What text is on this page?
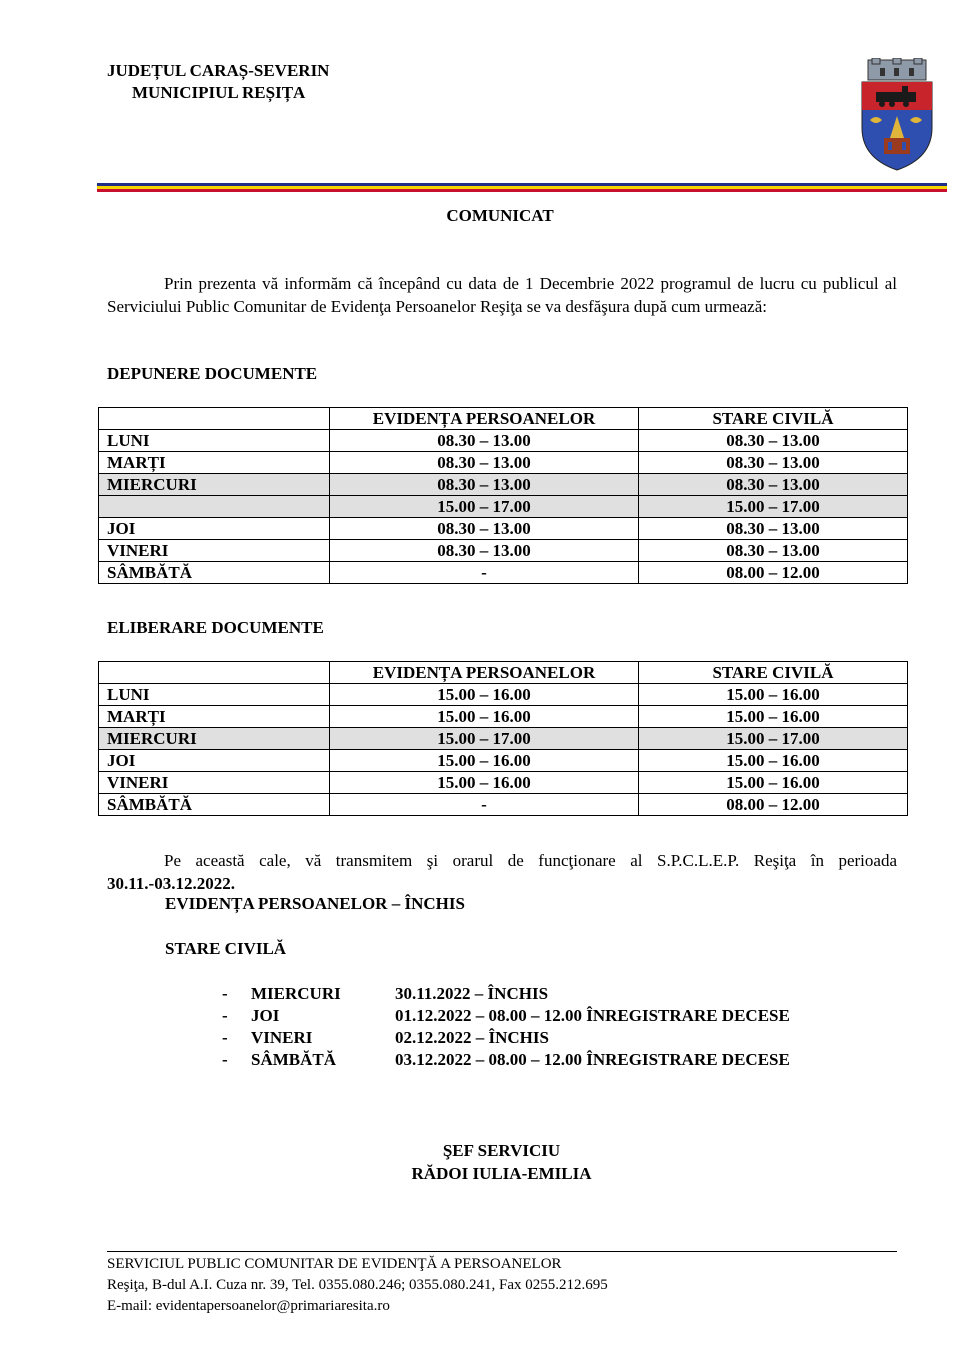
JUDEȚUL CARAȘ-SEVERIN
MUNICIPIUL REȘIȚA
COMUNICAT
Prin prezenta vă informăm că începând cu data de 1 Decembrie 2022 programul de lucru cu publicul al Serviciului Public Comunitar de Evidenţa Persoanelor Reşiţa se va desfăşura după cum urmează:
DEPUNERE DOCUMENTE
	EVIDENȚA PERSOANELOR	STARE CIVILĂ
LUNI	08.30 – 13.00	08.30 – 13.00
MARȚI	08.30 – 13.00	08.30 – 13.00
MIERCURI	08.30 – 13.00	08.30 – 13.00
	15.00 – 17.00	15.00 – 17.00
JOI	08.30 – 13.00	08.30 – 13.00
VINERI	08.30 – 13.00	08.30 – 13.00
SÂMBĂTĂ	-	08.00 – 12.00
ELIBERARE DOCUMENTE
	EVIDENȚA PERSOANELOR	STARE CIVILĂ
LUNI	15.00 – 16.00	15.00 – 16.00
MARȚI	15.00 – 16.00	15.00 – 16.00
MIERCURI	15.00 – 17.00	15.00 – 17.00
JOI	15.00 – 16.00	15.00 – 16.00
VINERI	15.00 – 16.00	15.00 – 16.00
SÂMBĂTĂ	-	08.00 – 12.00
Pe această cale, vă transmitem şi orarul de funcţionare al S.P.C.L.E.P. Reşiţa în perioada
30.11.-03.12.2022.
EVIDENȚA PERSOANELOR – ÎNCHIS
STARE CIVILĂ
- MIERCURI	30.11.2022 – ÎNCHIS
- JOI	01.12.2022 – 08.00 – 12.00 ÎNREGISTRARE DECESE
- VINERI	02.12.2022 – ÎNCHIS
- SÂMBĂTĂ	03.12.2022 – 08.00 – 12.00 ÎNREGISTRARE DECESE
ŞEF SERVICIU
RĂDOI IULIA-EMILIA
SERVICIUL PUBLIC COMUNITAR DE EVIDENŢĂ A PERSOANELOR
Reşiţa, B-dul A.I. Cuza nr. 39, Tel. 0355.080.246; 0355.080.241, Fax 0255.212.695
E-mail: evidentapersoanelor@primariaresita.ro
